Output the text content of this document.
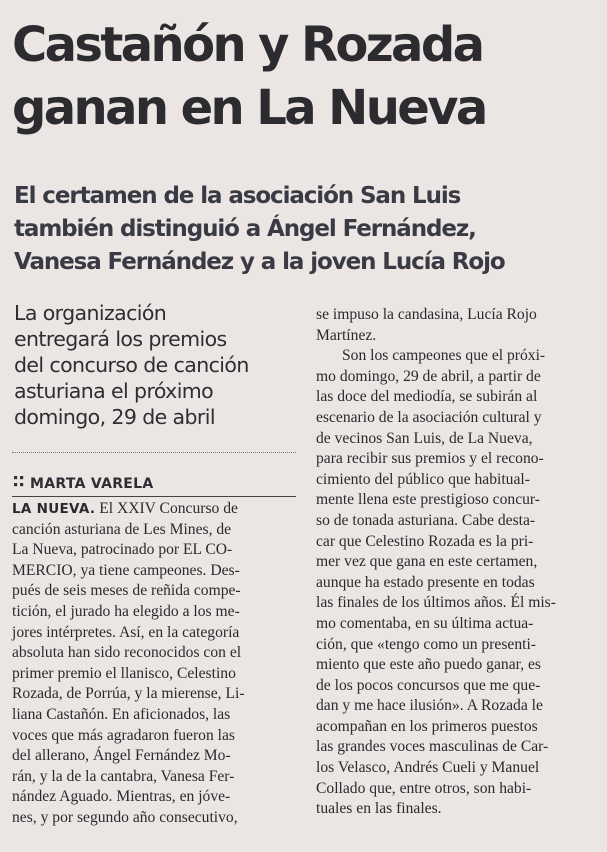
Castañón y Rozada
ganan en La Nueva
El certamen de la asociación San Luis
también distinguió a Ángel Fernández,
Vanesa Fernández y a la joven Lucía Rojo
La organización
entregará los premios
del concurso de canción
asturiana el próximo
domingo, 29 de abril
MARTA VARELA
LA NUEVA. El XXIV Concurso de
canción asturiana de Les Mines, de
La Nueva, patrocinado por EL CO-
MERCIO, ya tiene campeones. Des-
pués de seis meses de reñida compe-
tición, el jurado ha elegido a los me-
jores intérpretes. Así, en la categoría
absoluta han sido reconocidos con el
primer premio el llanisco, Celestino
Rozada, de Porrúa, y la mierense, Li-
liana Castañón. En aficionados, las
voces que más agradaron fueron las
del allerano, Ángel Fernández Mo-
rán, y la de la cantabra, Vanesa Fer-
nández Aguado. Mientras, en jóve-
nes, y por segundo año consecutivo,
se impuso la candasina, Lucía Rojo
Martínez.
Son los campeones que el próxi-
mo domingo, 29 de abril, a partir de
las doce del mediodía, se subirán al
escenario de la asociación cultural y
de vecinos San Luis, de La Nueva,
para recibir sus premios y el recono-
cimiento del público que habitual-
mente llena este prestigioso concur-
so de tonada asturiana. Cabe desta-
car que Celestino Rozada es la pri-
mer vez que gana en este certamen,
aunque ha estado presente en todas
las finales de los últimos años. Él mis-
mo comentaba, en su última actua-
ción, que «tengo como un presenti-
miento que este año puedo ganar, es
de los pocos concursos que me que-
dan y me hace ilusión». A Rozada le
acompañan en los primeros puestos
las grandes voces masculinas de Car-
los Velasco, Andrés Cueli y Manuel
Collado que, entre otros, son habi-
tuales en las finales.
